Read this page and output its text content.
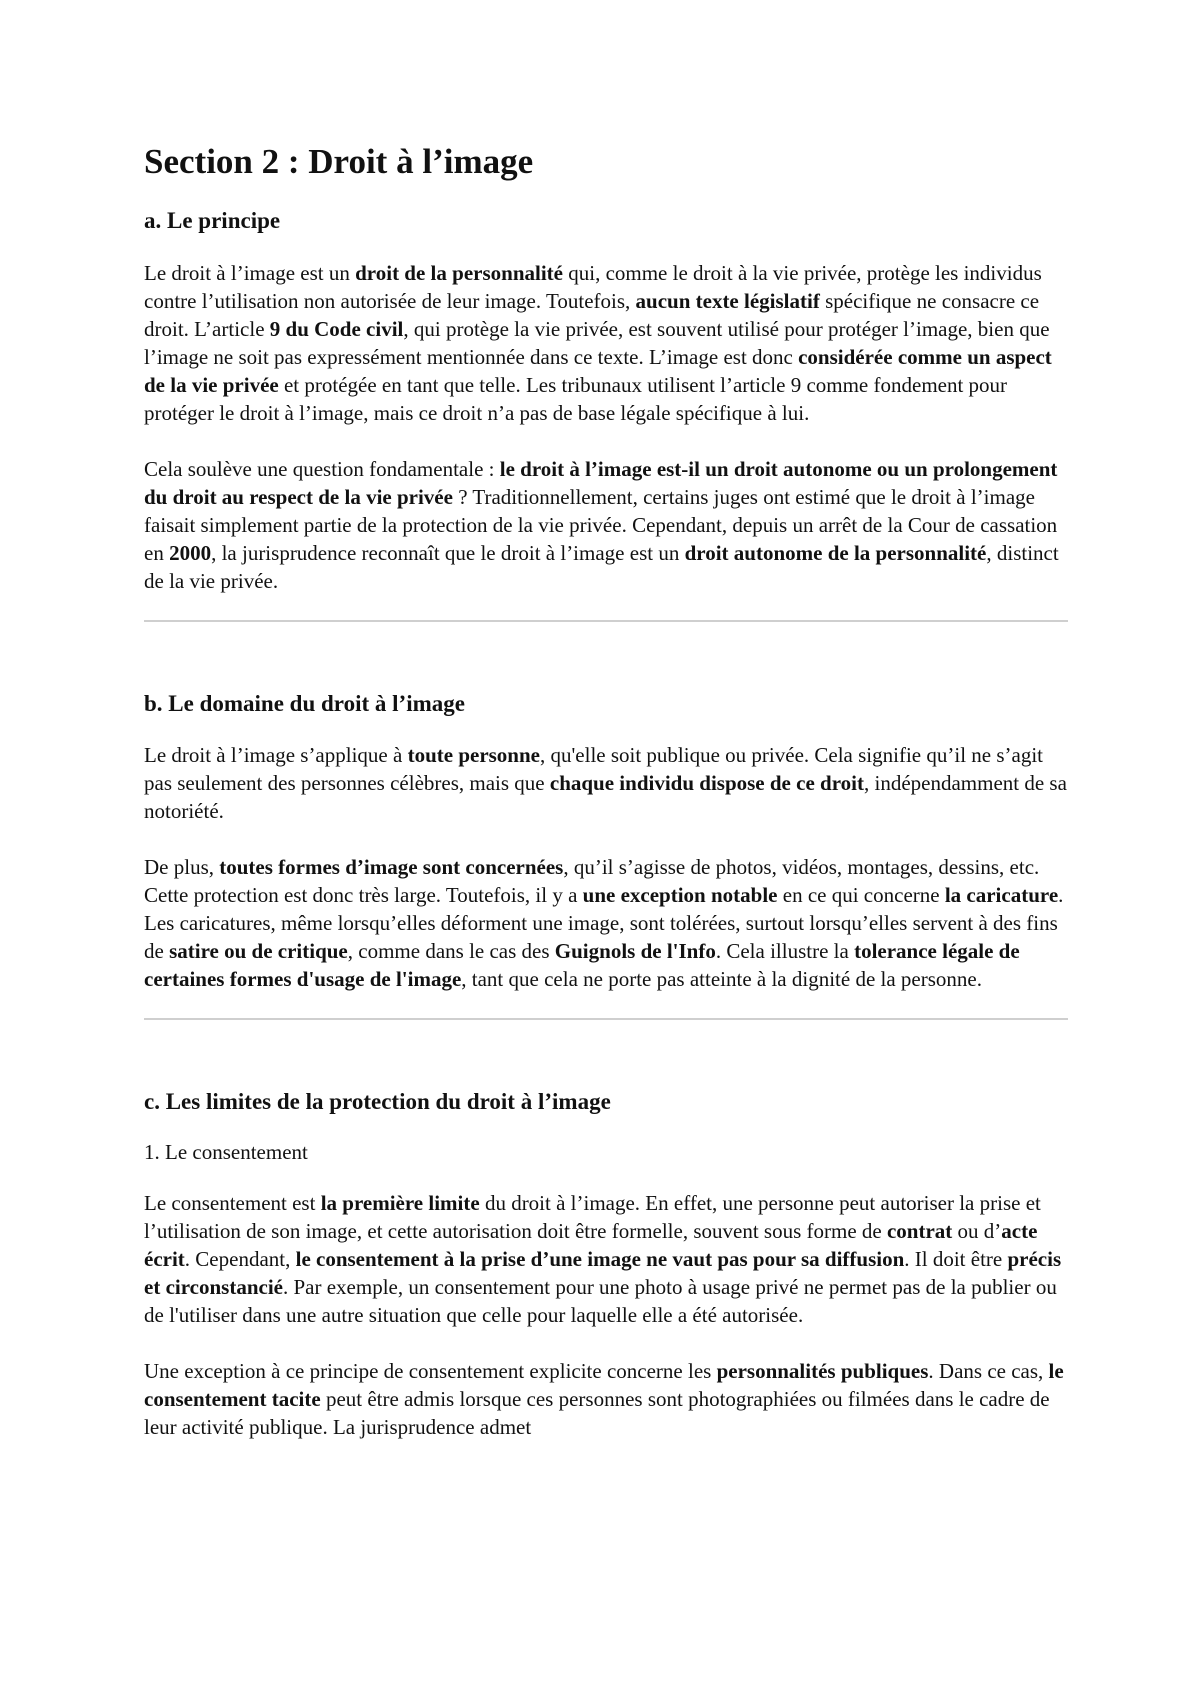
Section 2 : Droit à l’image
a. Le principe

Le droit à l’image est un droit de la personnalité qui, comme le droit à la vie privée, protège les individus contre l’utilisation non autorisée de leur image. Toutefois, aucun texte législatif spécifique ne consacre ce droit. L’article 9 du Code civil, qui protège la vie privée, est souvent utilisé pour protéger l’image, bien que l’image ne soit pas expressément mentionnée dans ce texte. L’image est donc considérée comme un aspect de la vie privée et protégée en tant que telle. Les tribunaux utilisent l’article 9 comme fondement pour protéger le droit à l’image, mais ce droit n’a pas de base légale spécifique à lui.

Cela soulève une question fondamentale : le droit à l’image est-il un droit autonome ou un prolongement du droit au respect de la vie privée ? Traditionnellement, certains juges ont estimé que le droit à l’image faisait simplement partie de la protection de la vie privée. Cependant, depuis un arrêt de la Cour de cassation en 2000, la jurisprudence reconnaît que le droit à l’image est un droit autonome de la personnalité, distinct de la vie privée.

b. Le domaine du droit à l’image

Le droit à l’image s’applique à toute personne, qu'elle soit publique ou privée. Cela signifie qu’il ne s’agit pas seulement des personnes célèbres, mais que chaque individu dispose de ce droit, indépendamment de sa notoriété.

De plus, toutes formes d’image sont concernées, qu’il s’agisse de photos, vidéos, montages, dessins, etc. Cette protection est donc très large. Toutefois, il y a une exception notable en ce qui concerne la caricature. Les caricatures, même lorsqu’elles déforment une image, sont tolérées, surtout lorsqu’elles servent à des fins de satire ou de critique, comme dans le cas des Guignols de l'Info. Cela illustre la tolerance légale de certaines formes d'usage de l'image, tant que cela ne porte pas atteinte à la dignité de la personne.

c. Les limites de la protection du droit à l’image
1. Le consentement

Le consentement est la première limite du droit à l’image. En effet, une personne peut autoriser la prise et l’utilisation de son image, et cette autorisation doit être formelle, souvent sous forme de contrat ou d’acte écrit. Cependant, le consentement à la prise d’une image ne vaut pas pour sa diffusion. Il doit être précis et circonstancié. Par exemple, un consentement pour une photo à usage privé ne permet pas de la publier ou de l'utiliser dans une autre situation que celle pour laquelle elle a été autorisée.

Une exception à ce principe de consentement explicite concerne les personnalités publiques. Dans ce cas, le consentement tacite peut être admis lorsque ces personnes sont photographiées ou filmées dans le cadre de leur activité publique. La jurisprudence admet
